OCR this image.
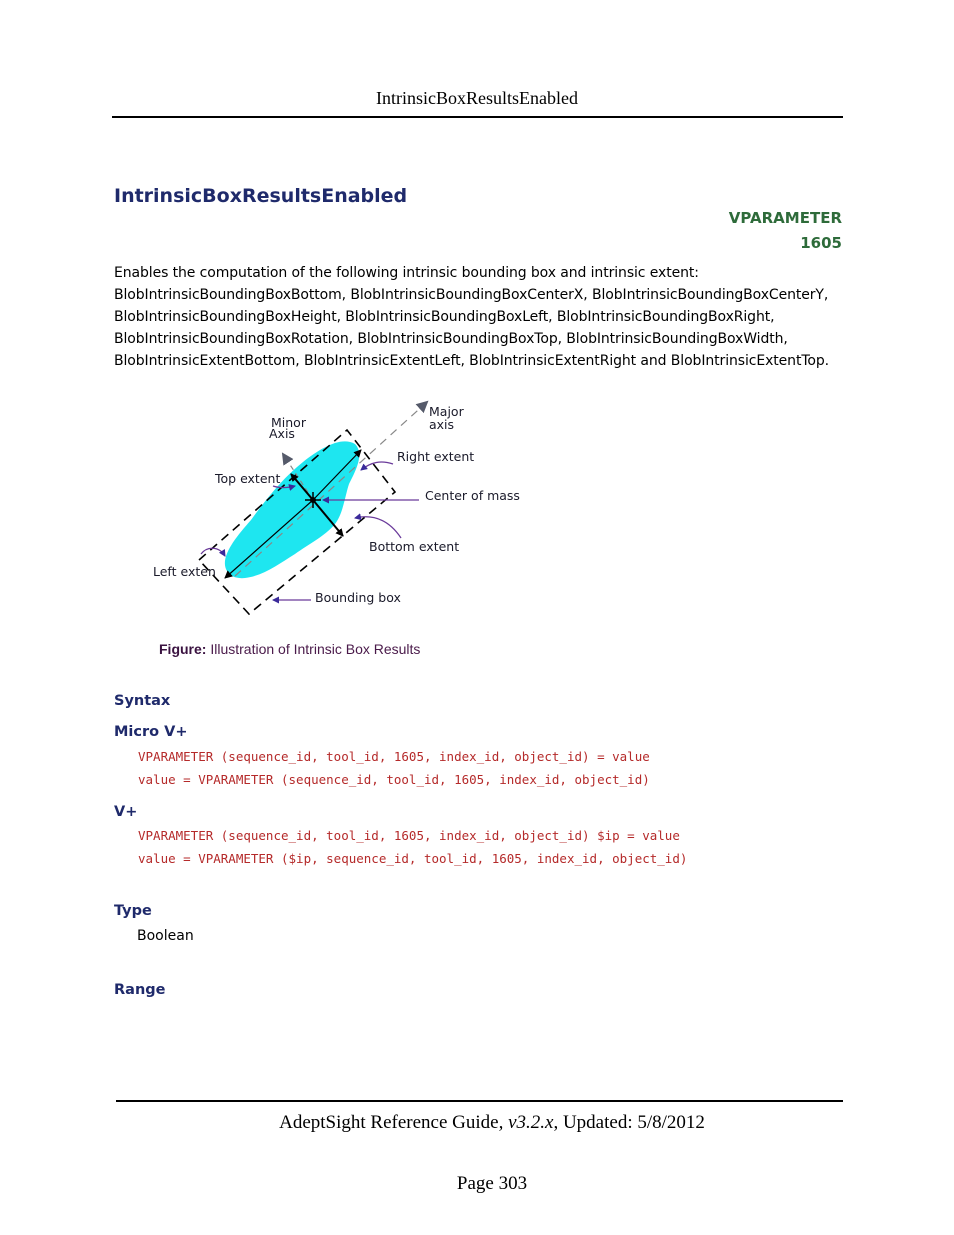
IntrinsicBoxResultsEnabled
IntrinsicBoxResultsEnabled
VPARAMETER
1605
Enables the computation of the following intrinsic bounding box and intrinsic extent:
BlobIntrinsicBoundingBoxBottom, BlobIntrinsicBoundingBoxCenterX, BlobIntrinsicBoundingBoxCenterY,
BlobIntrinsicBoundingBoxHeight, BlobIntrinsicBoundingBoxLeft, BlobIntrinsicBoundingBoxRight,
BlobIntrinsicBoundingBoxRotation, BlobIntrinsicBoundingBoxTop, BlobIntrinsicBoundingBoxWidth,
BlobIntrinsicExtentBottom, BlobIntrinsicExtentLeft, BlobIntrinsicExtentRight and BlobIntrinsicExtentTop.
Minor
Axis
Major
axis
Right extent
Top extent
Center of mass
Bottom extent
Left exten
Bounding box
Figure: Illustration of Intrinsic Box Results
Syntax
Micro V+
VPARAMETER (sequence_id, tool_id, 1605, index_id, object_id) = value
value = VPARAMETER (sequence_id, tool_id, 1605, index_id, object_id)
V+
VPARAMETER (sequence_id, tool_id, 1605, index_id, object_id) $ip = value
value = VPARAMETER ($ip, sequence_id, tool_id, 1605, index_id, object_id)
Type
Boolean
Range
AdeptSight Reference Guide, v3.2.x, Updated: 5/8/2012
Page 303
